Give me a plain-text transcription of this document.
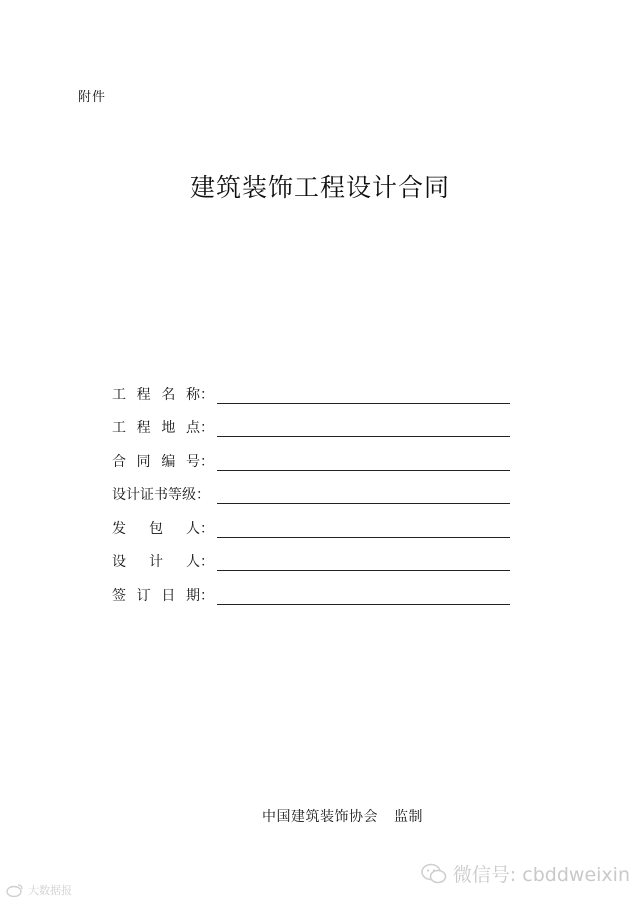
附件
建筑装饰工程设计合同
工 程 名 称：
工 程 地 点：
合 同 编 号：
设计证书等级：
发 包 人：
设 计 人：
签 订 日 期：
中国建筑装饰协会 监制
微信号: cbddweixin
大数据报
